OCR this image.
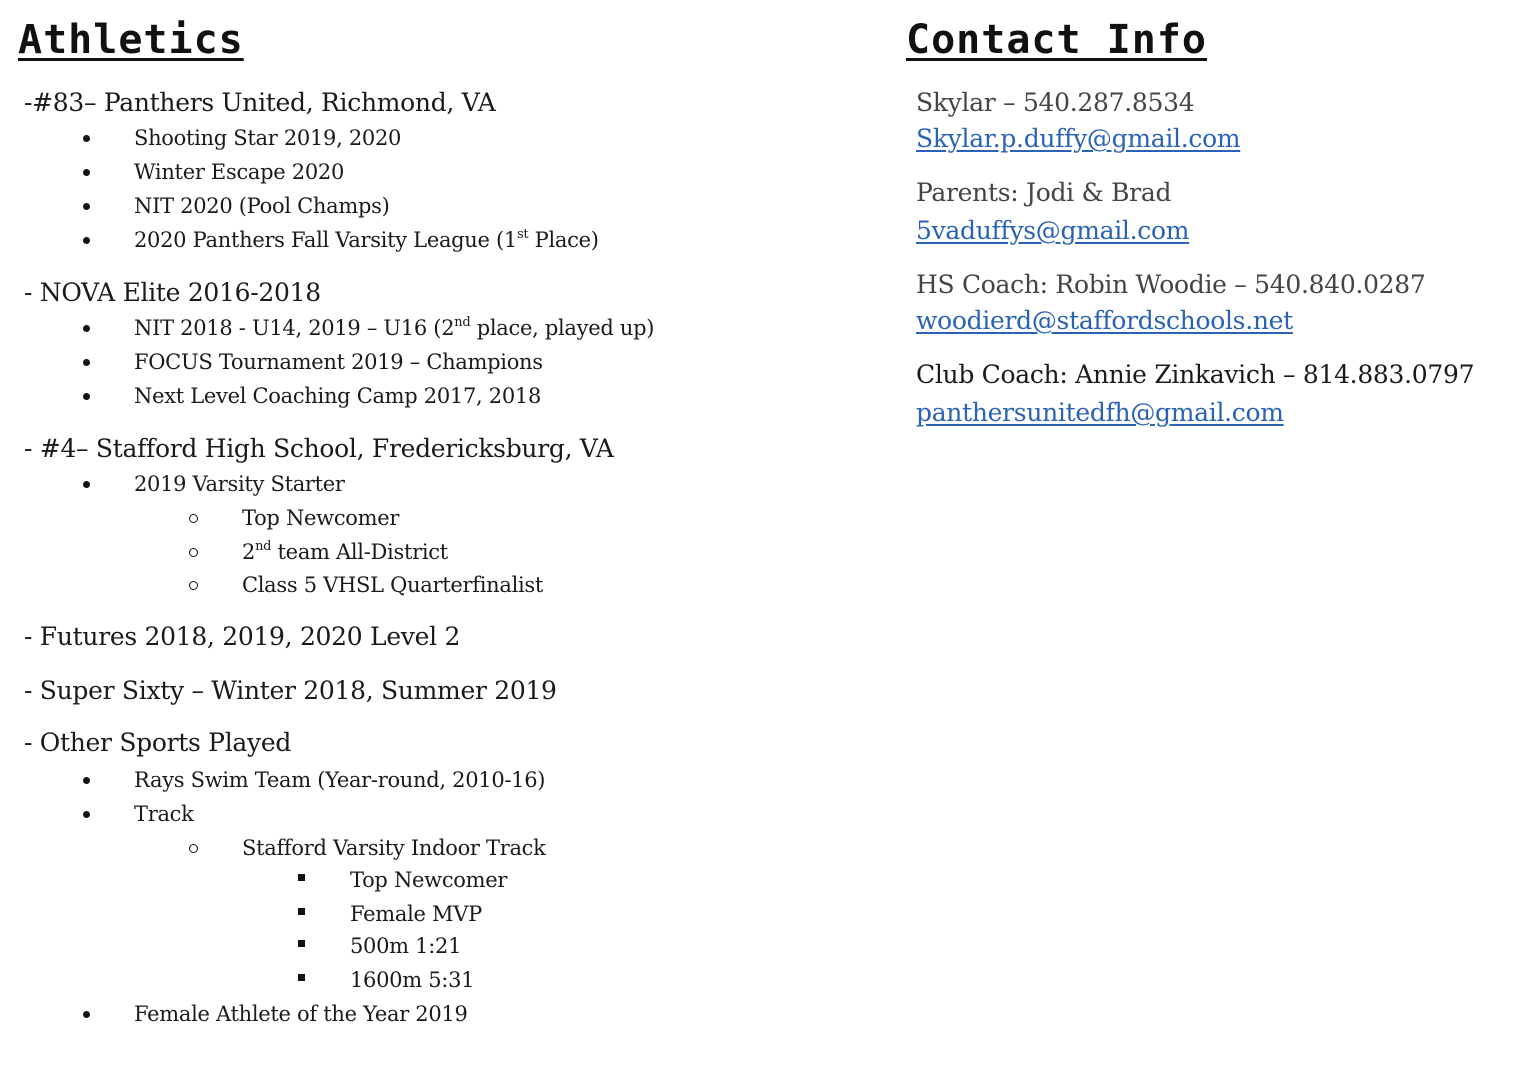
Athletics
-#83– Panthers United, Richmond, VA
Shooting Star 2019, 2020
Winter Escape 2020
NIT 2020 (Pool Champs)
2020 Panthers Fall Varsity League (1st Place)
- NOVA Elite 2016-2018
NIT 2018 - U14, 2019 – U16 (2nd place, played up)
FOCUS Tournament 2019 – Champions
Next Level Coaching Camp 2017, 2018
- #4– Stafford High School, Fredericksburg, VA
2019 Varsity Starter
Top Newcomer
2nd team All-District
Class 5 VHSL Quarterfinalist
- Futures 2018, 2019, 2020 Level 2
- Super Sixty – Winter 2018, Summer 2019
- Other Sports Played
Rays Swim Team (Year-round, 2010-16)
Track
Stafford Varsity Indoor Track
Top Newcomer
Female MVP
500m 1:21
1600m 5:31
Female Athlete of the Year 2019
Contact Info
Skylar – 540.287.8534
Skylar.p.duffy@gmail.com
Parents: Jodi & Brad
5vaduffys@gmail.com
HS Coach: Robin Woodie – 540.840.0287
woodierd@staffordschools.net
Club Coach: Annie Zinkavich – 814.883.0797
panthersunitedfh@gmail.com
